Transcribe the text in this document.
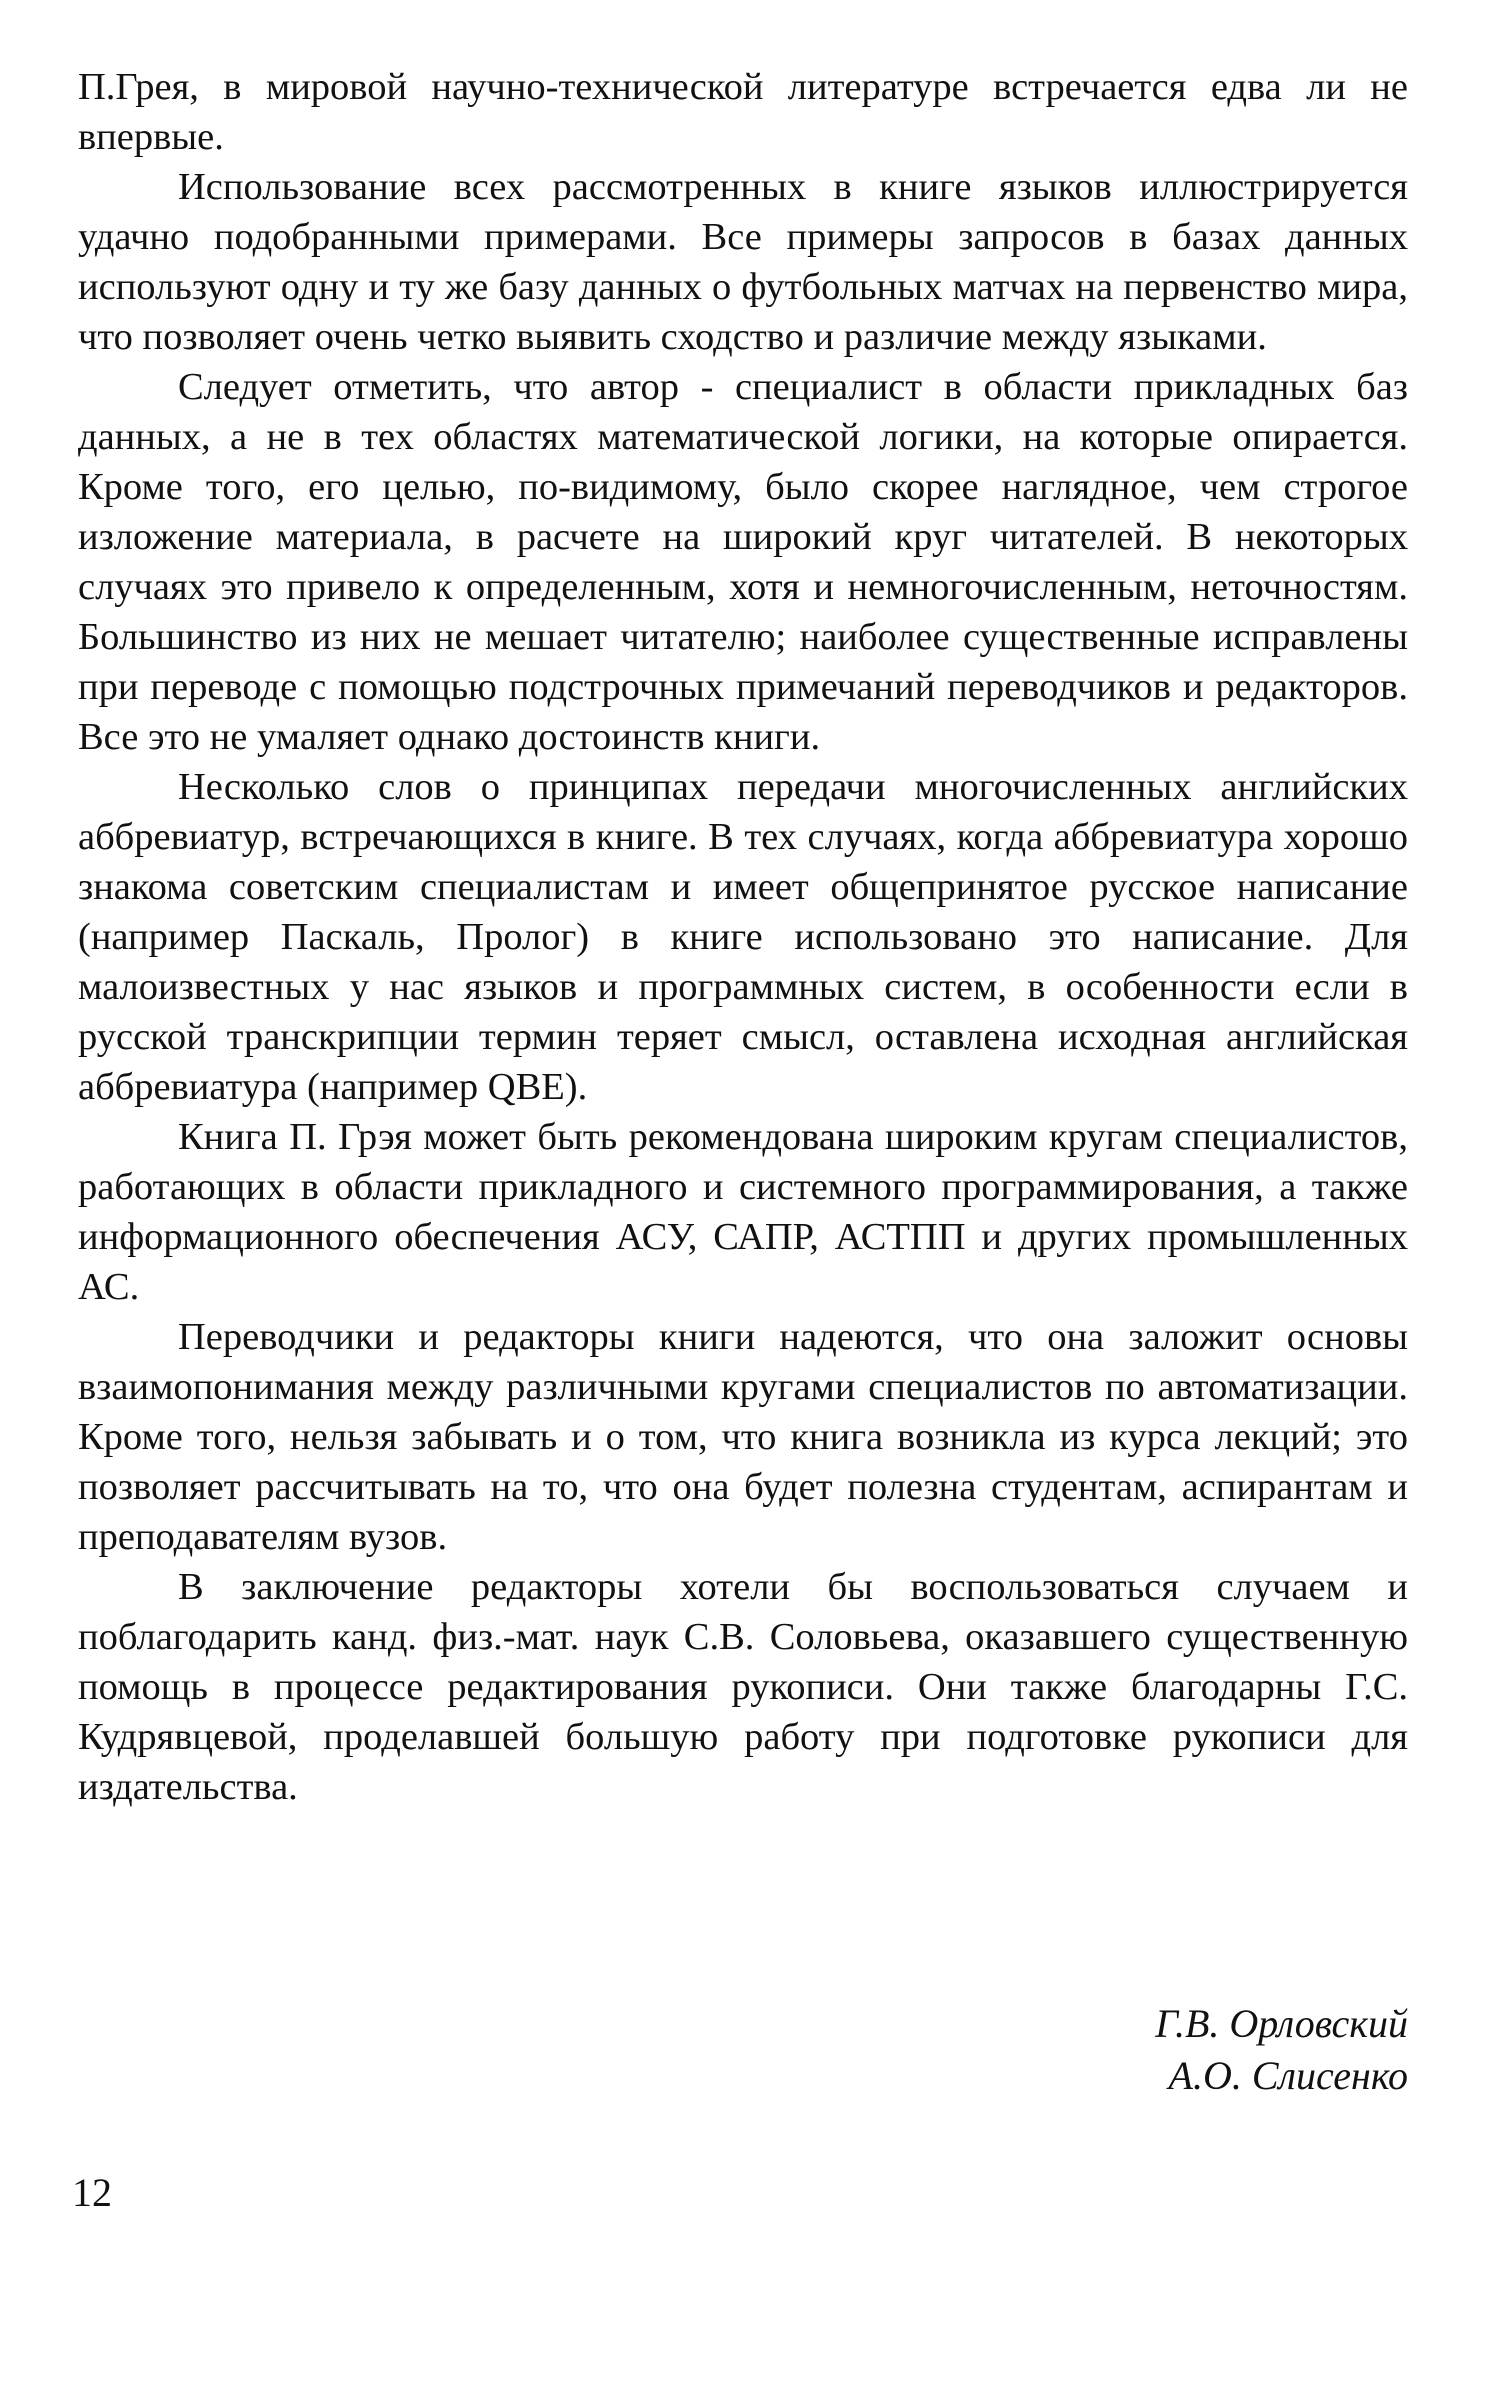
П.Грея, в мировой научно-технической литературе встречается едва ли не впервые.

Использование всех рассмотренных в книге языков иллюстрируется удачно подобранными примерами. Все примеры запросов в базах данных используют одну и ту же базу данных о футбольных матчах на первенство мира, что позволяет очень четко выявить сходство и различие между языками.

Следует отметить, что автор - специалист в области прикладных баз данных, а не в тех областях математической логики, на которые опирается. Кроме того, его целью, по-видимому, было скорее наглядное, чем строгое изложение материала, в расчете на широкий круг читателей. В некоторых случаях это привело к определенным, хотя и немногочисленным, неточностям. Большинство из них не мешает читателю; наиболее существенные исправлены при переводе с помощью подстрочных примечаний переводчиков и редакторов. Все это не умаляет однако достоинств книги.

Несколько слов о принципах передачи многочисленных английских аббревиатур, встречающихся в книге. В тех случаях, когда аббревиатура хорошо знакома советским специалистам и имеет общепринятое русское написание (например Паскаль, Пролог) в книге использовано это написание. Для малоизвестных у нас языков и программных систем, в особенности если в русской транскрипции термин теряет смысл, оставлена исходная английская аббревиатура (например QBE).

Книга П. Грэя может быть рекомендована широким кругам специалистов, работающих в области прикладного и системного программирования, а также информационного обеспечения АСУ, САПР, АСТПП и других промышленных АС.

Переводчики и редакторы книги надеются, что она заложит основы взаимопонимания между различными кругами специалистов по автоматизации. Кроме того, нельзя забывать и о том, что книга возникла из курса лекций; это позволяет рассчитывать на то, что она будет полезна студентам, аспирантам и преподавателям вузов.

В заключение редакторы хотели бы воспользоваться случаем и поблагодарить канд. физ.-мат. наук С.В. Соловьева, оказавшего существенную помощь в процессе редактирования рукописи. Они также благодарны Г.С. Кудрявцевой, проделавшей большую работу при подготовке рукописи для издательства.

Г.В. Орловский
А.О. Слисенко
12
